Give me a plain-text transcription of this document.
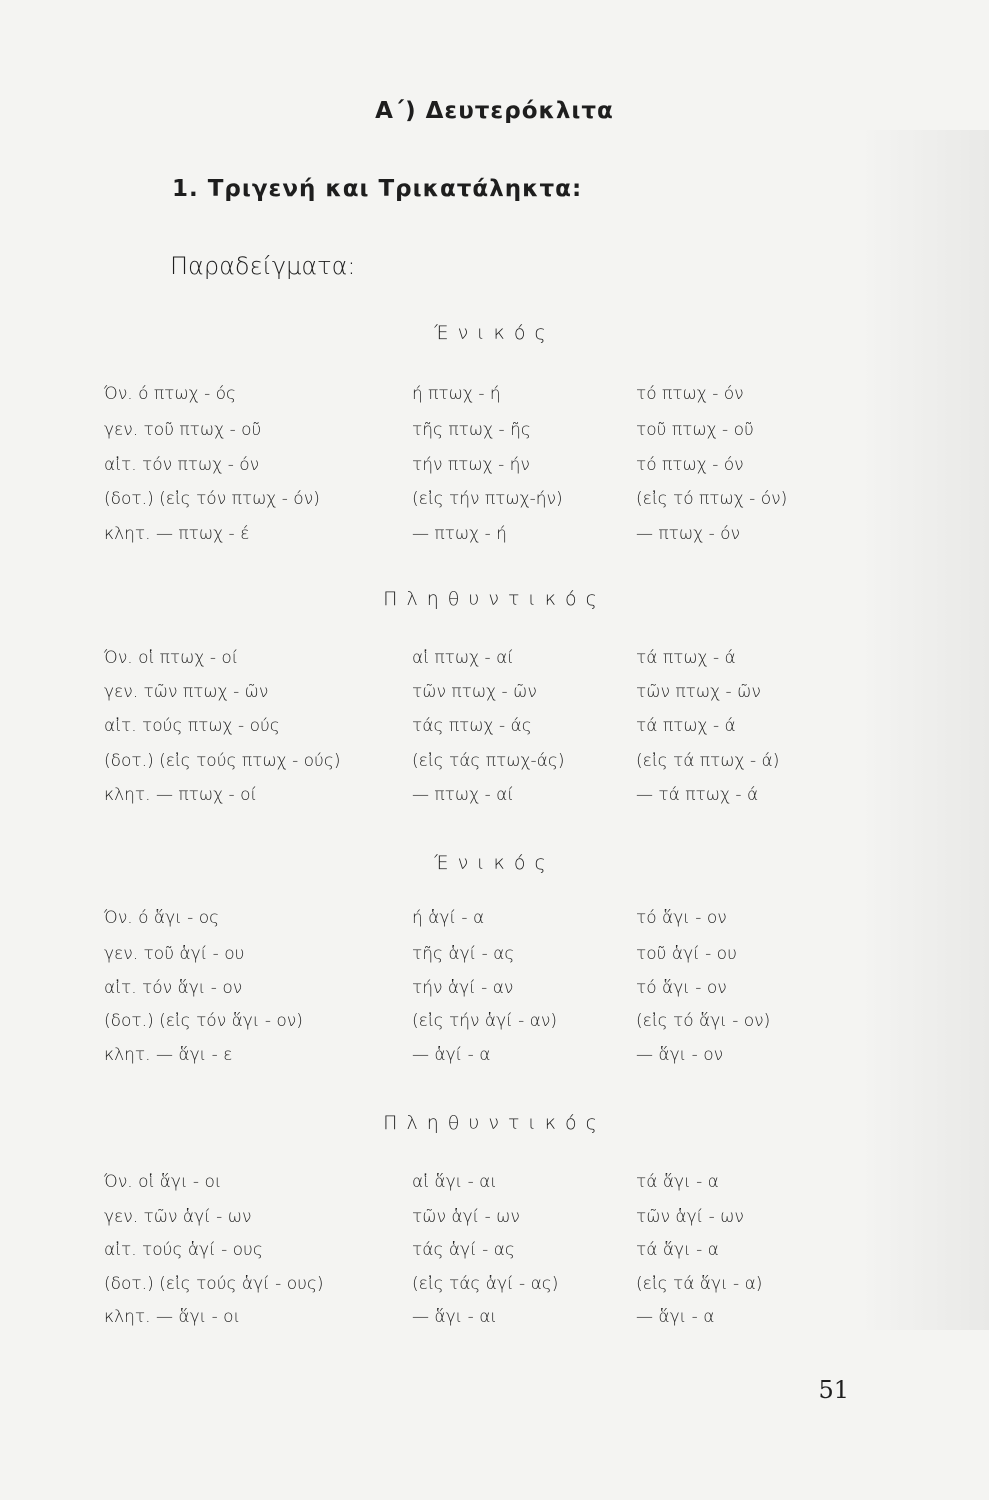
Α΄) Δευτερόκλιτα
1. Τριγενή και Τρικατάληκτα:
Παραδείγματα:
Ένικός
Όν. ό πτωχ - ός	ή πτωχ - ή	τό πτωχ - όν
γεν. τοῦ πτωχ - οῦ	τῆς πτωχ - ῆς	τοῦ πτωχ - οῦ
αἰτ. τόν πτωχ - όν	τήν πτωχ - ήν	τό πτωχ - όν
(δοτ.) (εἰς τόν πτωχ - όν)	(εἰς τήν πτωχ-ήν)	(εἰς τό πτωχ - όν)
κλητ. — πτωχ - έ	— πτωχ - ή	— πτωχ - όν
Πληθυντικός
Όν. οἱ πτωχ - οί	αἱ πτωχ - αί	τά πτωχ - ά
γεν. τῶν πτωχ - ῶν	τῶν πτωχ - ῶν	τῶν πτωχ - ῶν
αἰτ. τούς πτωχ - ούς	τάς πτωχ - άς	τά πτωχ - ά
(δοτ.) (εἰς τούς πτωχ - ούς)	(εἰς τάς πτωχ-άς)	(εἰς τά πτωχ - ά)
κλητ. — πτωχ - οί	— πτωχ - αί	— τά πτωχ - ά
Ένικός
Όν. ό ἅγι - ος	ή ἁγί - α	τό ἅγι - ον
γεν. τοῦ ἁγί - ου	τῆς ἁγί - ας	τοῦ ἁγί - ου
αἰτ. τόν ἅγι - ον	τήν ἁγί - αν	τό ἅγι - ον
(δοτ.) (εἰς τόν ἅγι - ον)	(εἰς τήν ἁγί - αν)	(εἰς τό ἅγι - ον)
κλητ. — ἅγι - ε	— ἁγί - α	— ἅγι - ον
Πληθυντικός
Όν. οἱ ἅγι - οι	αἱ ἅγι - αι	τά ἅγι - α
γεν. τῶν ἁγί - ων	τῶν ἁγί - ων	τῶν ἁγί - ων
αἰτ. τούς ἁγί - ους	τάς ἁγί - ας	τά ἅγι - α
(δοτ.) (εἰς τούς ἁγί - ους)	(εἰς τάς ἁγί - ας)	(εἰς τά ἅγι - α)
κλητ. — ἅγι - οι	— ἅγι - αι	— ἅγι - α
51
